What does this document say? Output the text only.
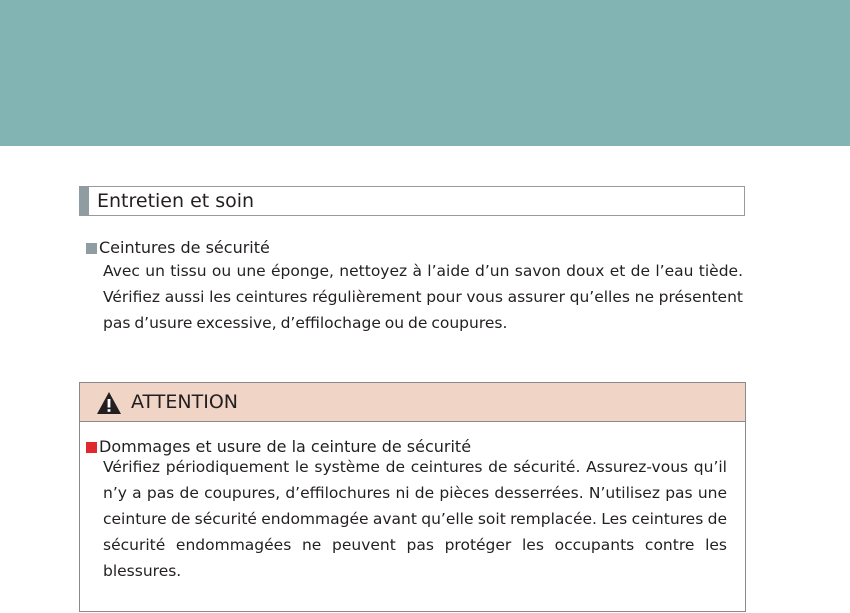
Entretien et soin
Ceintures de sécurité
Avec un tissu ou une éponge, nettoyez à l’aide d’un savon doux et de l’eau tiède.
Vérifiez aussi les ceintures régulièrement pour vous assurer qu’elles ne présentent
pas d’usure excessive, d’effilochage ou de coupures.
ATTENTION
Dommages et usure de la ceinture de sécurité
Vérifiez périodiquement le système de ceintures de sécurité. Assurez-vous qu’il
n’y a pas de coupures, d’effilochures ni de pièces desserrées. N’utilisez pas une
ceinture de sécurité endommagée avant qu’elle soit remplacée. Les ceintures de
sécurité endommagées ne peuvent pas protéger les occupants contre les
blessures.
